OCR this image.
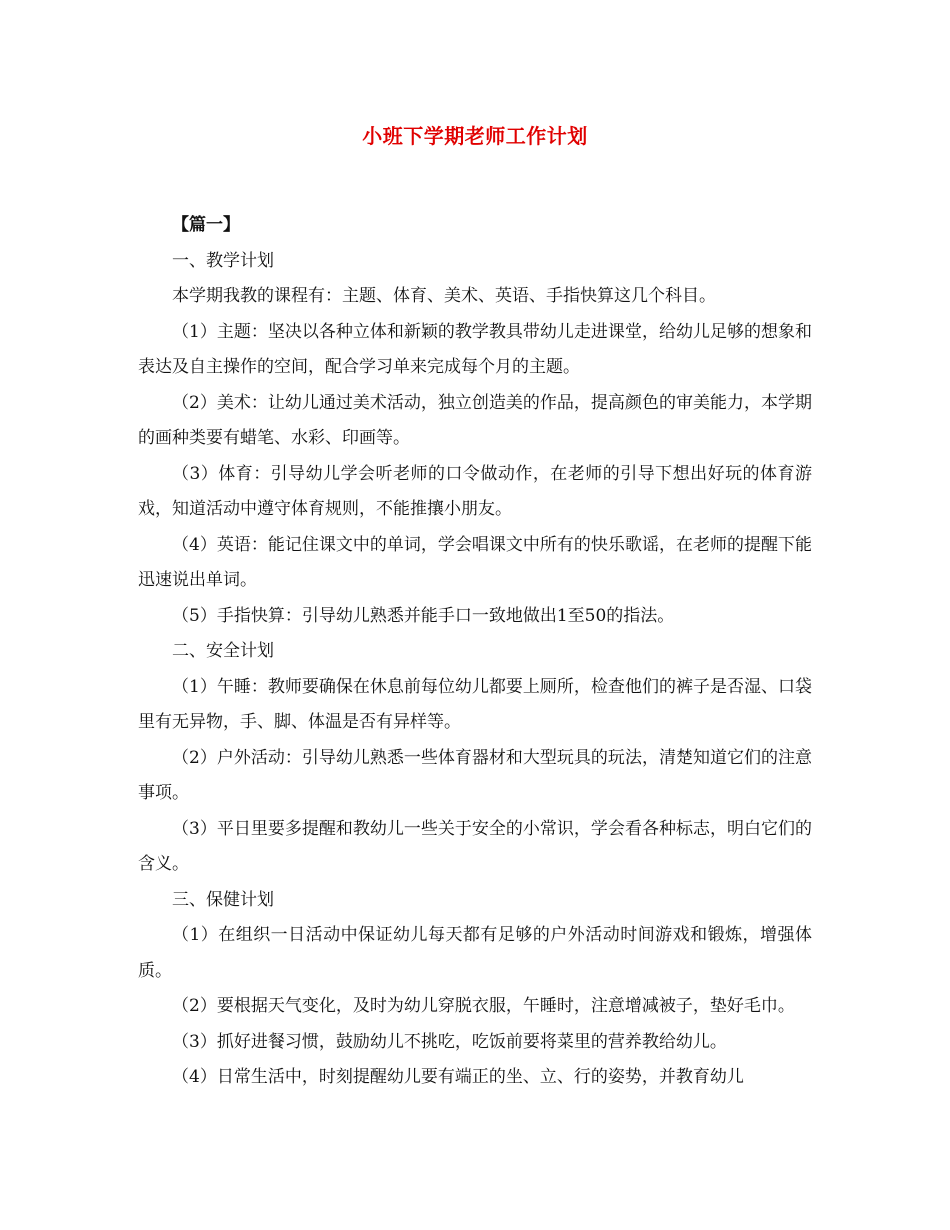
小班下学期老师工作计划

【篇一】

一、教学计划

本学期我教的课程有：主题、体育、美术、英语、手指快算这几个科目。

（1）主题：坚决以各种立体和新颖的教学教具带幼儿走进课堂，给幼儿足够的想象和表达及自主操作的空间，配合学习单来完成每个月的主题。

（2）美术：让幼儿通过美术活动，独立创造美的作品，提高颜色的审美能力，本学期的画种类要有蜡笔、水彩、印画等。

（3）体育：引导幼儿学会听老师的口令做动作，在老师的引导下想出好玩的体育游戏，知道活动中遵守体育规则，不能推攘小朋友。

（4）英语：能记住课文中的单词，学会唱课文中所有的快乐歌谣，在老师的提醒下能迅速说出单词。

（5）手指快算：引导幼儿熟悉并能手口一致地做出1至50的指法。

二、安全计划

（1）午睡：教师要确保在休息前每位幼儿都要上厕所，检查他们的裤子是否湿、口袋里有无异物，手、脚、体温是否有异样等。

（2）户外活动：引导幼儿熟悉一些体育器材和大型玩具的玩法，清楚知道它们的注意事项。

（3）平日里要多提醒和教幼儿一些关于安全的小常识，学会看各种标志，明白它们的含义。

三、保健计划

（1）在组织一日活动中保证幼儿每天都有足够的户外活动时间游戏和锻炼，增强体质。

（2）要根据天气变化，及时为幼儿穿脱衣服，午睡时，注意增减被子，垫好毛巾。

（3）抓好进餐习惯，鼓励幼儿不挑吃，吃饭前要将菜里的营养教给幼儿。

（4）日常生活中，时刻提醒幼儿要有端正的坐、立、行的姿势，并教育幼儿
